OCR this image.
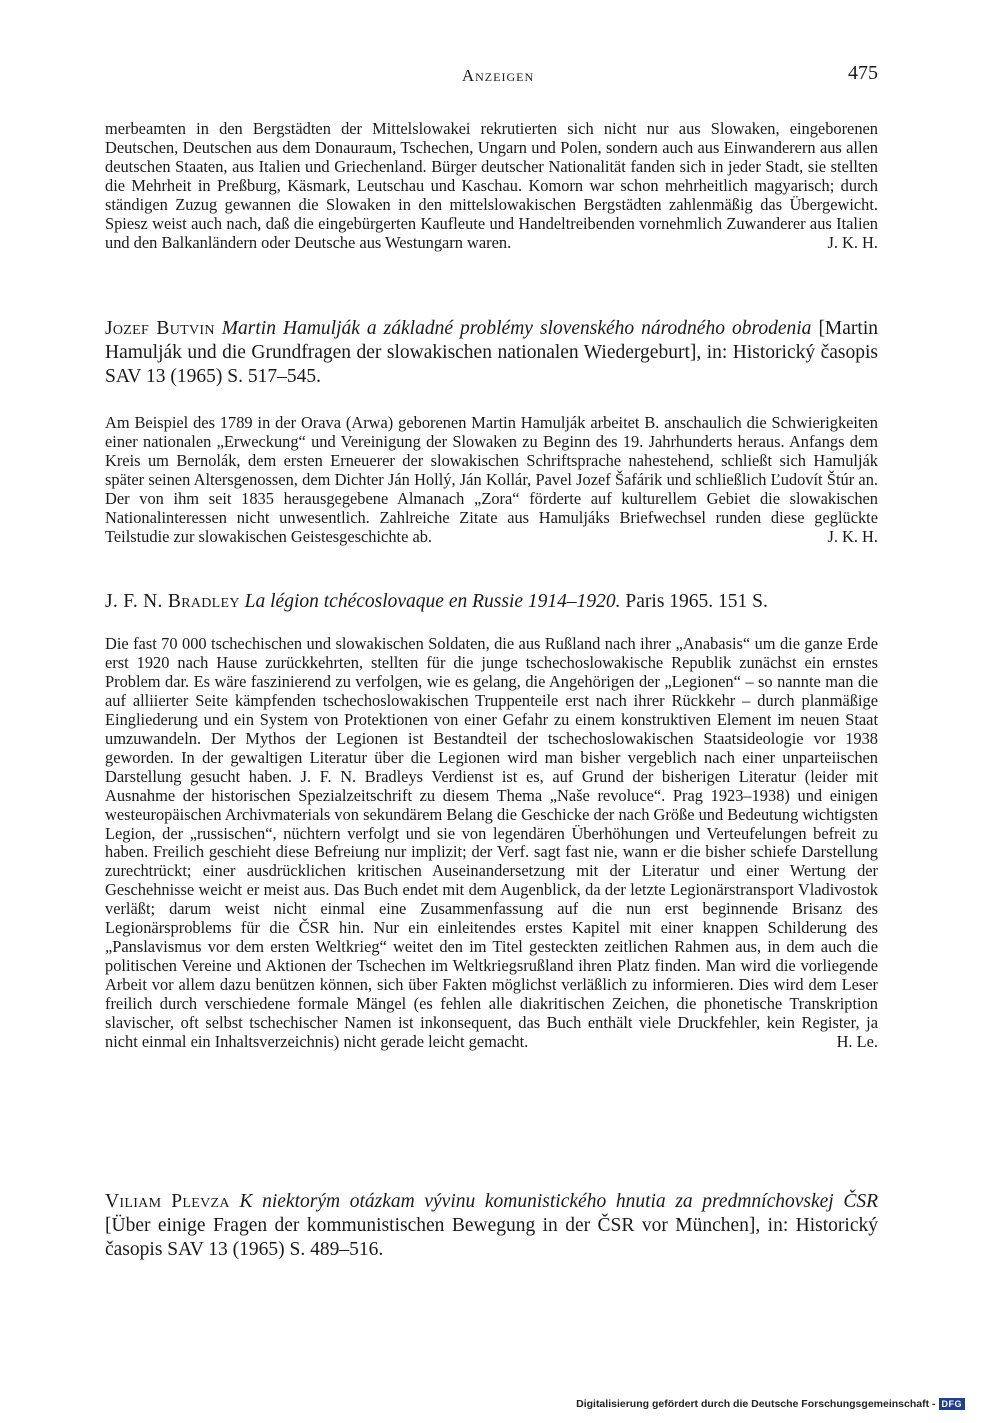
Anzeigen	475

merbeamten in den Bergstädten der Mittelslowakei rekrutierten sich nicht nur aus Slowaken, eingeborenen Deutschen, Deutschen aus dem Donauraum, Tschechen, Ungarn und Polen, sondern auch aus Einwanderern aus allen deutschen Staaten, aus Italien und Griechenland. Bürger deutscher Nationalität fanden sich in jeder Stadt, sie stellten die Mehrheit in Preßburg, Käsmark, Leutschau und Kaschau. Komorn war schon mehrheitlich magyarisch; durch ständigen Zuzug gewannen die Slowaken in den mittelslowakischen Bergstädten zahlenmäßig das Übergewicht. Spiesz weist auch nach, daß die eingebürgerten Kaufleute und Handeltreibenden vornehmlich Zuwanderer aus Italien und den Balkanländern oder Deutsche aus Westungarn waren.	J. K. H.

Jozef Butvin Martin Hamulják a základné problémy slovenského národného obrodenia [Martin Hamulják und die Grundfragen der slowakischen nationalen Wiedergeburt], in: Historický časopis SAV 13 (1965) S. 517–545.

Am Beispiel des 1789 in der Orava (Arwa) geborenen Martin Hamulják arbeitet B. anschaulich die Schwierigkeiten einer nationalen „Erweckung“ und Vereinigung der Slowaken zu Beginn des 19. Jahrhunderts heraus. Anfangs dem Kreis um Bernolák, dem ersten Erneuerer der slowakischen Schriftsprache nahestehend, schließt sich Hamulják später seinen Altersgenossen, dem Dichter Ján Hollý, Ján Kollár, Pavel Jozef Šafárik und schließlich Ľudovít Štúr an. Der von ihm seit 1835 herausgegebene Almanach „Zora“ förderte auf kulturellem Gebiet die slowakischen Nationalinteressen nicht unwesentlich. Zahlreiche Zitate aus Hamulјáks Briefwechsel runden diese geglückte Teilstudie zur slowakischen Geistesgeschichte ab.	J. K. H.

J. F. N. Bradley La légion tchécoslovaque en Russie 1914–1920. Paris 1965. 151 S.

Die fast 70 000 tschechischen und slowakischen Soldaten, die aus Rußland nach ihrer „Anabasis“ um die ganze Erde erst 1920 nach Hause zurückkehrten, stellten für die junge tschechoslowakische Republik zunächst ein ernstes Problem dar. Es wäre faszinierend zu verfolgen, wie es gelang, die Angehörigen der „Legionen“ – so nannte man die auf alliierter Seite kämpfenden tschechoslowakischen Truppenteile erst nach ihrer Rückkehr – durch planmäßige Eingliederung und ein System von Protektionen von einer Gefahr zu einem konstruktiven Element im neuen Staat umzuwandeln. Der Mythos der Legionen ist Bestandteil der tschechoslowakischen Staatsideologie vor 1938 geworden. In der gewaltigen Literatur über die Legionen wird man bisher vergeblich nach einer unparteiischen Darstellung gesucht haben. J. F. N. Bradleys Verdienst ist es, auf Grund der bisherigen Literatur (leider mit Ausnahme der historischen Spezialzeitschrift zu diesem Thema „Naše revoluce“. Prag 1923–1938) und einigen westeuropäischen Archivmaterials von sekundärem Belang die Geschicke der nach Größe und Bedeutung wichtigsten Legion, der „russischen“, nüchtern verfolgt und sie von legendären Überhöhungen und Verteufelungen befreit zu haben. Freilich geschieht diese Befreiung nur implizit; der Verf. sagt fast nie, wann er die bisher schiefe Darstellung zurechtrückt; einer ausdrücklichen kritischen Auseinandersetzung mit der Literatur und einer Wertung der Geschehnisse weicht er meist aus. Das Buch endet mit dem Augenblick, da der letzte Legionärstransport Vladivostok verläßt; darum weist nicht einmal eine Zusammenfassung auf die nun erst beginnende Brisanz des Legionärsproblems für die ČSR hin. Nur ein einleitendes erstes Kapitel mit einer knappen Schilderung des „Panslavismus vor dem ersten Weltkrieg“ weitet den im Titel gesteckten zeitlichen Rahmen aus, in dem auch die politischen Vereine und Aktionen der Tschechen im Weltkriegsrußland ihren Platz finden. Man wird die vorliegende Arbeit vor allem dazu benützen können, sich über Fakten möglichst verläßlich zu informieren. Dies wird dem Leser freilich durch verschiedene formale Mängel (es fehlen alle diakritischen Zeichen, die phonetische Transkription slavischer, oft selbst tschechischer Namen ist inkonsequent, das Buch enthält viele Druckfehler, kein Register, ja nicht einmal ein Inhaltsverzeichnis) nicht gerade leicht gemacht.	H. Le.

Viliam Plevza K niektorým otázkam vývinu komunistického hnutia za predmníchovskej ČSR [Über einige Fragen der kommunistischen Bewegung in der ČSR vor München], in: Historický časopis SAV 13 (1965) S. 489–516.
Digitalisierung gefördert durch die Deutsche Forschungsgemeinschaft - DFG
